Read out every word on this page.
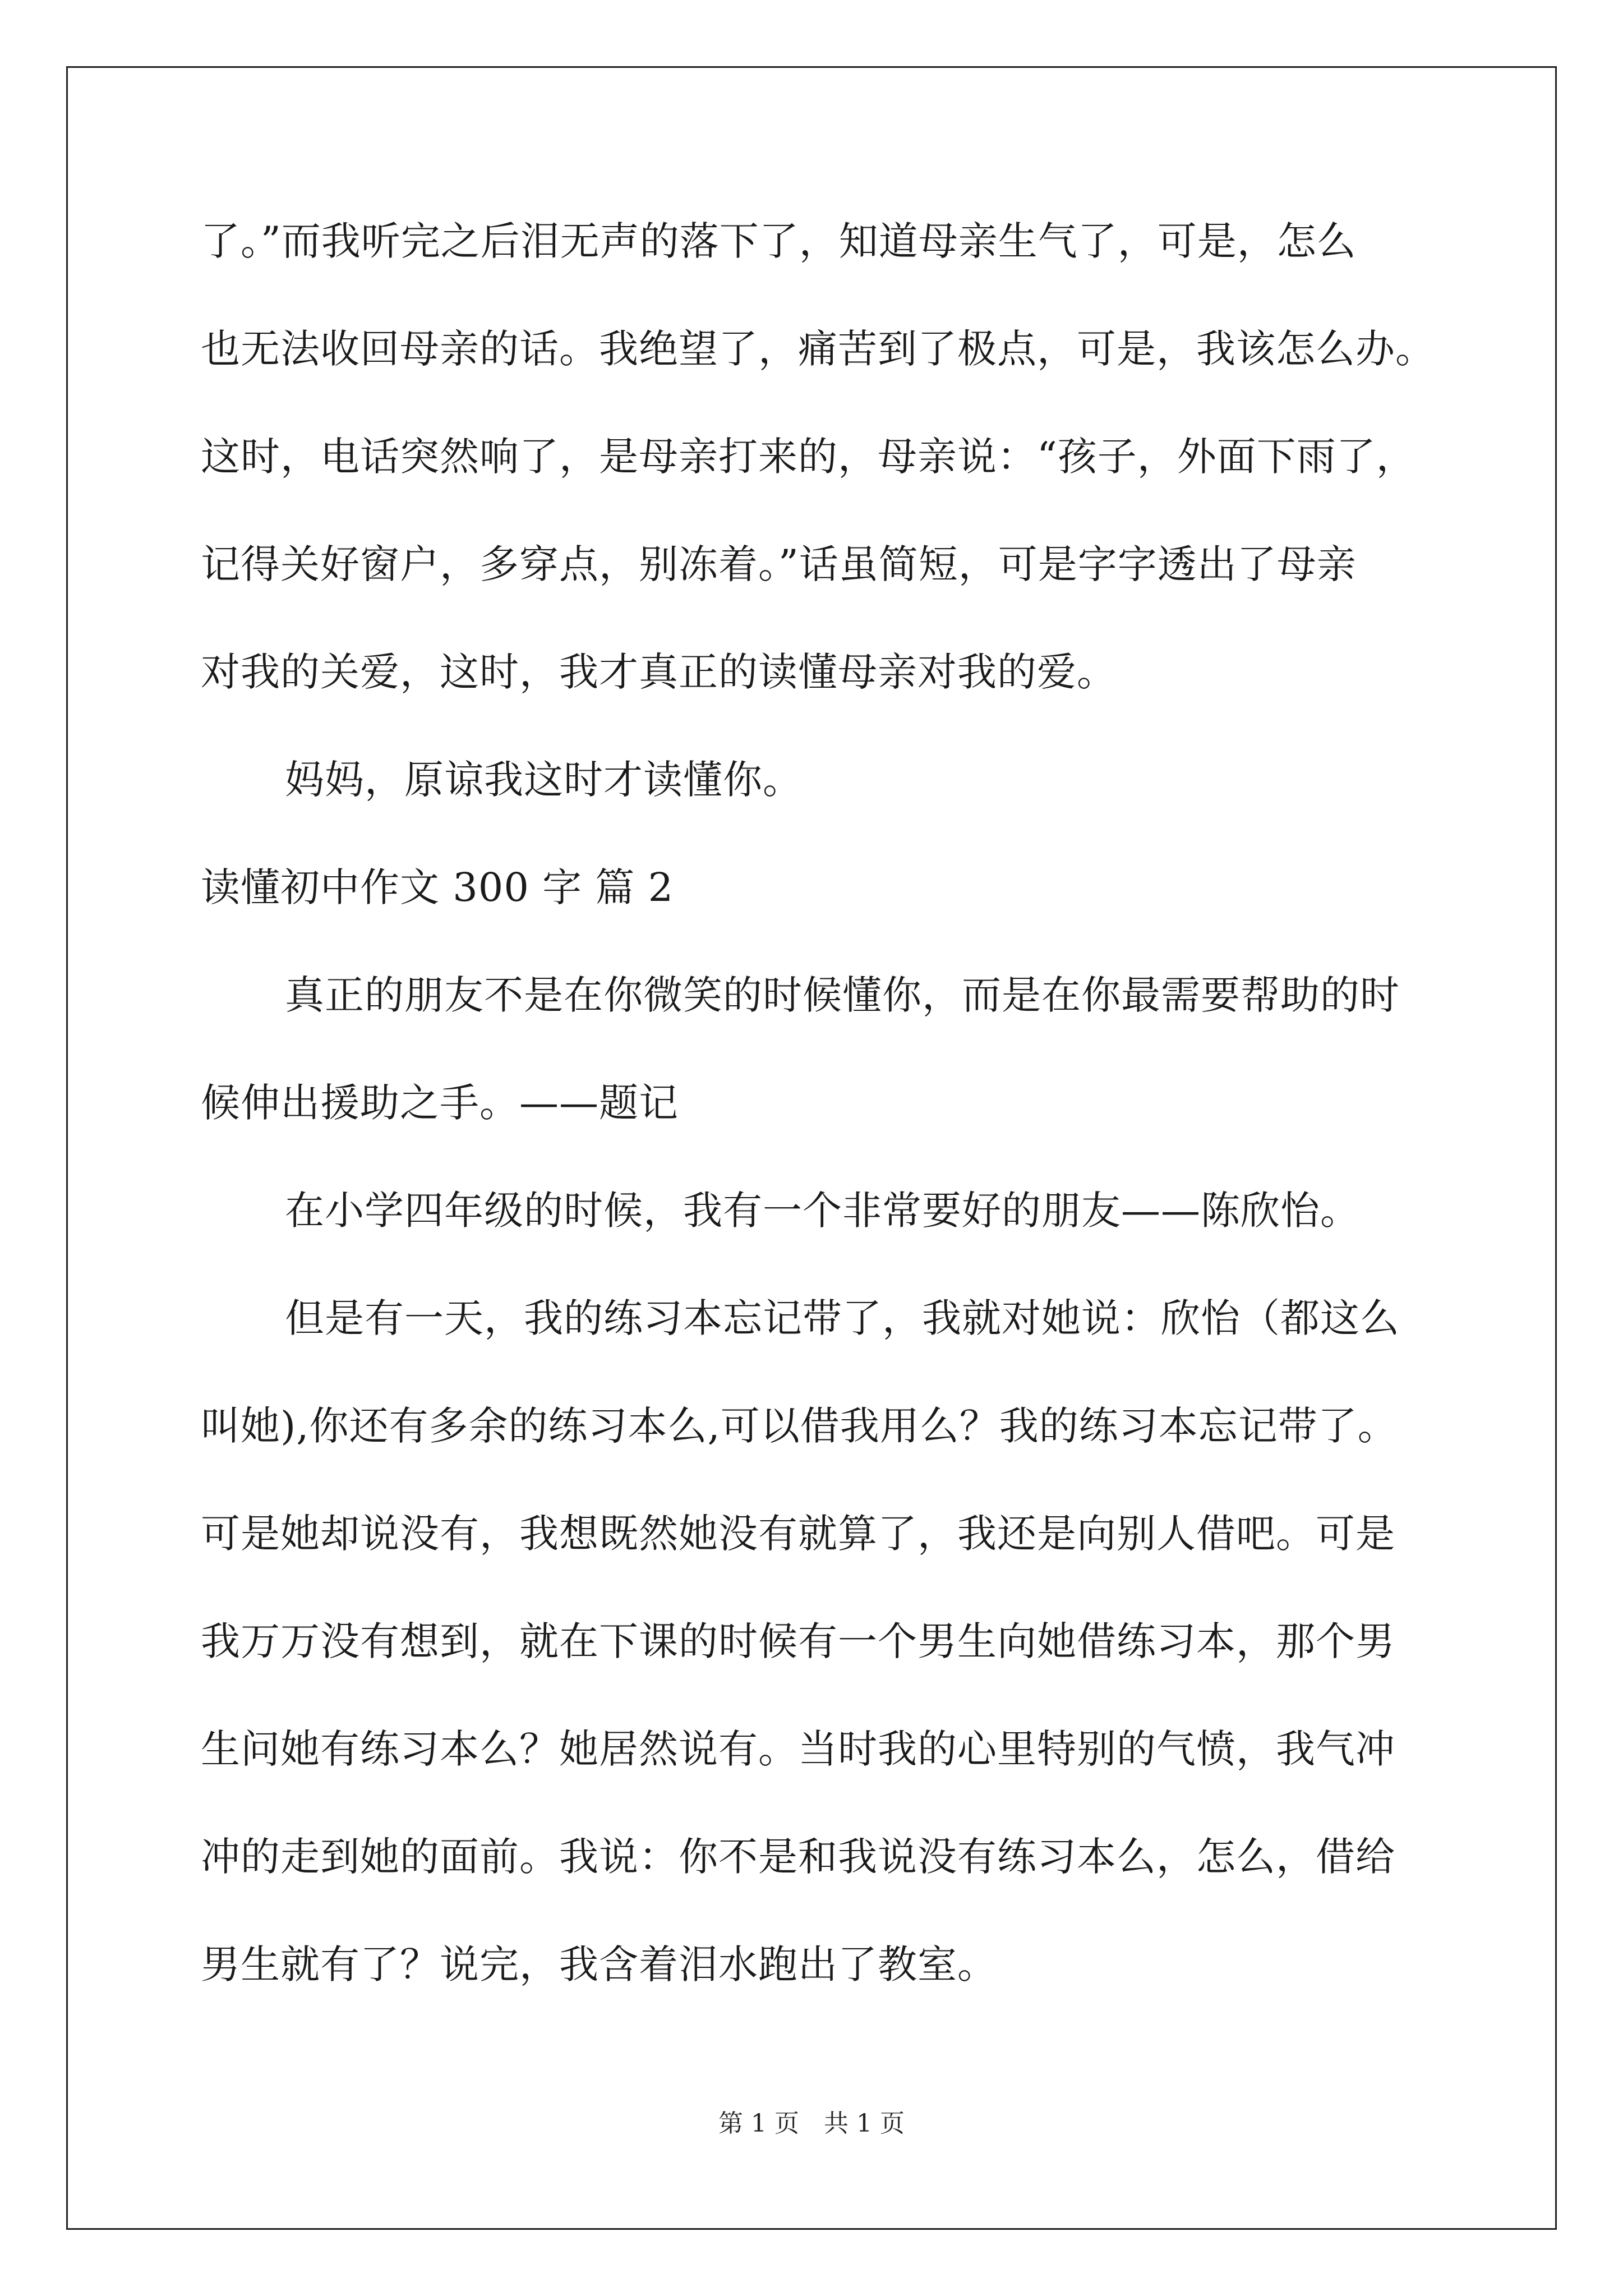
了。”而我听完之后泪无声的落下了，知道母亲生气了，可是，怎么
也无法收回母亲的话。我绝望了，痛苦到了极点，可是，我该怎么办。
这时，电话突然响了，是母亲打来的，母亲说：“孩子，外面下雨了，
记得关好窗户，多穿点，别冻着。”话虽简短，可是字字透出了母亲
对我的关爱，这时，我才真正的读懂母亲对我的爱。
妈妈，原谅我这时才读懂你。
读懂初中作文 300 字 篇 2
真正的朋友不是在你微笑的时候懂你，而是在你最需要帮助的时
候伸出援助之手。——题记
在小学四年级的时候，我有一个非常要好的朋友——陈欣怡。
但是有一天，我的练习本忘记带了，我就对她说：欣怡（都这么
叫她),你还有多余的练习本么,可以借我用么？我的练习本忘记带了。
可是她却说没有，我想既然她没有就算了，我还是向别人借吧。可是
我万万没有想到，就在下课的时候有一个男生向她借练习本，那个男
生问她有练习本么？她居然说有。当时我的心里特别的气愤，我气冲
冲的走到她的面前。我说：你不是和我说没有练习本么，怎么，借给
男生就有了？说完，我含着泪水跑出了教室。
第 1 页 共 1 页
